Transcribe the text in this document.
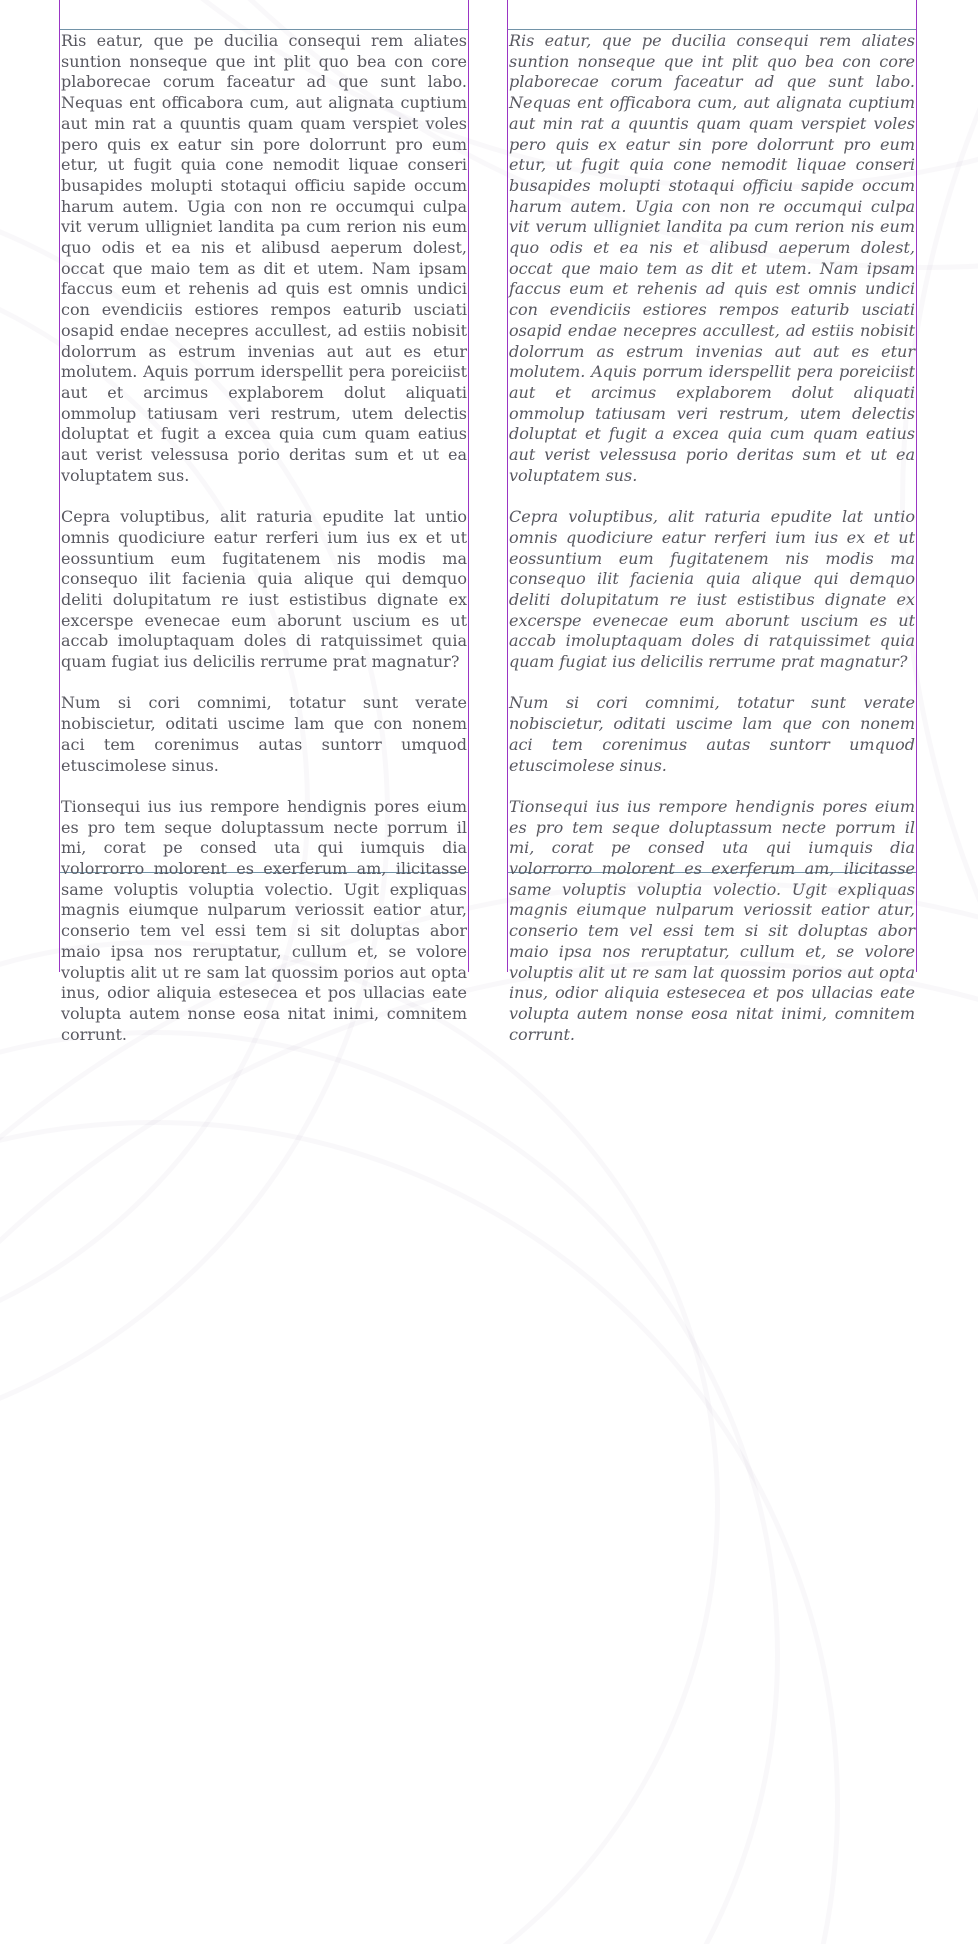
Ris eatur, que pe ducilia consequi rem aliates suntion nonseque que int plit quo bea con core plaborecae corum faceatur ad que sunt labo. Nequas ent officabora cum, aut alignata cuptium aut min rat a quuntis quam quam verspiet voles pero quis ex eatur sin pore dolorrunt pro eum etur, ut fugit quia cone nemodit liquae conseri busapides molupti stotaqui officiu sapide occum harum autem. Ugia con non re occumqui culpa vit verum ulligniet landita pa cum rerion nis eum quo odis et ea nis et alibusd aeperum dolest, occat que maio tem as dit et utem. Nam ipsam faccus eum et rehenis ad quis est omnis undici con evendiciis estiores rempos eaturib usciati osapid endae necepres accullest, ad estiis nobisit dolorrum as estrum invenias aut aut es etur molutem. Aquis porrum iderspellit pera poreiciist aut et arcimus explaborem dolut aliquati ommolup tatiusam veri restrum, utem delectis doluptat et fugit a excea quia cum quam eatius aut verist velessusa porio deritas sum et ut ea voluptatem sus.

Cepra voluptibus, alit raturia epudite lat untio omnis quodiciure eatur rerferi ium ius ex et ut eossuntium eum fugitatenem nis modis ma consequo ilit facienia quia alique qui demquo deliti dolupitatum re iust estistibus dignate ex excerspe evenecae eum aborunt uscium es ut accab imoluptaquam doles di ratquissimet quia quam fugiat ius delicilis rerrume prat magnatur?

Num si cori comnimi, totatur sunt verate nobiscietur, oditati uscime lam que con nonem aci tem corenimus autas suntorr umquod etuscimolese sinus.

Tionsequi ius ius rempore hendignis pores eium es pro tem seque doluptassum necte porrum il mi, corat pe consed uta qui iumquis dia volorrorro molorent es exerferum am, ilicitasse same voluptis voluptia volectio. Ugit expliquas magnis eiumque nulparum veriossit eatior atur, conserio tem vel essi tem si sit doluptas abor maio ipsa nos reruptatur, cullum et, se volore voluptis alit ut re sam lat quossim porios aut opta inus, odior aliquia estesecea et pos ullacias eate volupta autem nonse eosa nitat inimi, comnitem corrunt.

Ris eatur, que pe ducilia consequi rem aliates suntion nonseque que int plit quo bea con core plaborecae corum faceatur ad que sunt labo. Nequas ent officabora cum, aut alignata cuptium aut min rat a quuntis quam quam verspiet voles pero quis ex eatur sin pore dolorrunt pro eum etur, ut fugit quia cone nemodit liquae conseri busapides molupti stotaqui officiu sapide occum harum autem. Ugia con non re occumqui culpa vit verum ulligniet landita pa cum rerion nis eum quo odis et ea nis et alibusd aeperum dolest, occat que maio tem as dit et utem. Nam ipsam faccus eum et rehenis ad quis est omnis undici con evendiciis estiores rempos eaturib usciati osapid endae necepres accullest, ad estiis nobisit dolorrum as estrum invenias aut aut es etur molutem. Aquis porrum iderspellit pera poreiciist aut et arcimus explaborem dolut aliquati ommolup tatiusam veri restrum, utem delectis doluptat et fugit a excea quia cum quam eatius aut verist velessusa porio deritas sum et ut ea voluptatem sus.

Cepra voluptibus, alit raturia epudite lat untio omnis quodiciure eatur rerferi ium ius ex et ut eossuntium eum fugitatenem nis modis ma consequo ilit facienia quia alique qui demquo deliti dolupitatum re iust estistibus dignate ex excerspe evenecae eum aborunt uscium es ut accab imoluptaquam doles di ratquissimet quia quam fugiat ius delicilis rerrume prat magnatur?

Num si cori comnimi, totatur sunt verate nobiscietur, oditati uscime lam que con nonem aci tem corenimus autas suntorr umquod etuscimolese sinus.

Tionsequi ius ius rempore hendignis pores eium es pro tem seque doluptassum necte porrum il mi, corat pe consed uta qui iumquis dia volorrorro molorent es exerferum am, ilicitasse same voluptis voluptia volectio. Ugit expliquas magnis eiumque nulparum veriossit eatior atur, conserio tem vel essi tem si sit doluptas abor maio ipsa nos reruptatur, cullum et, se volore voluptis alit ut re sam lat quossim porios aut opta inus, odior aliquia estesecea et pos ullacias eate volupta autem nonse eosa nitat inimi, comnitem corrunt.
